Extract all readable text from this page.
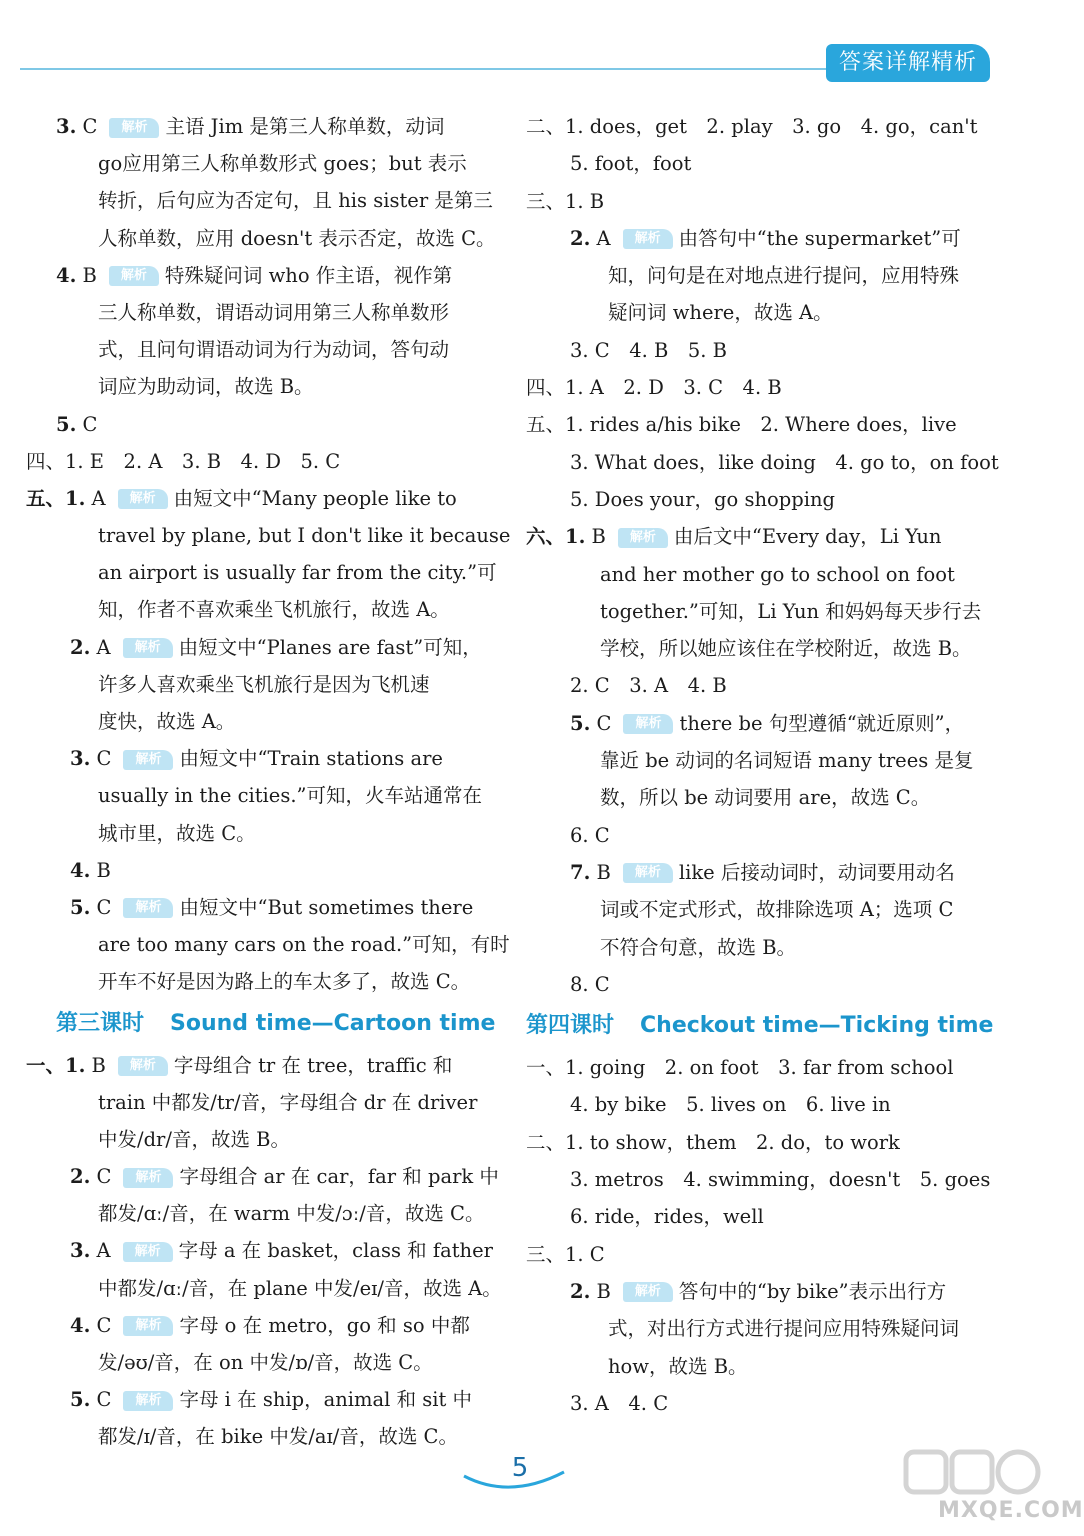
答案详解精析
3. C 解析 主语 Jim 是第三人称单数，动词
go应用第三人称单数形式 goes；but 表示
转折，后句应为否定句，且 his sister 是第三
人称单数，应用 doesn't 表示否定，故选 C。
4. B 解析 特殊疑问词 who 作主语，视作第
三人称单数，谓语动词用第三人称单数形
式，且问句谓语动词为行为动词，答句动
词应为助动词，故选 B。
5. C
四、1. E　2. A　3. B　4. D　5. C
五、1. A 解析 由短文中“Many people like to
travel by plane, but I don't like it because
an airport is usually far from the city.”可
知，作者不喜欢乘坐飞机旅行，故选 A。
2. A 解析 由短文中“Planes are fast”可知，
许多人喜欢乘坐飞机旅行是因为飞机速
度快，故选 A。
3. C 解析 由短文中“Train stations are
usually in the cities.”可知，火车站通常在
城市里，故选 C。
4. B
5. C 解析 由短文中“But sometimes there
are too many cars on the road.”可知，有时
开车不好是因为路上的车太多了，故选 C。
第三课时 Sound time—Cartoon time
一、1. B 解析 字母组合 tr 在 tree，traffic 和
train 中都发/tr/音，字母组合 dr 在 driver
中发/dr/音，故选 B。
2. C 解析 字母组合 ar 在 car，far 和 park 中
都发/ɑː/音，在 warm 中发/ɔː/音，故选 C。
3. A 解析 字母 a 在 basket，class 和 father
中都发/ɑː/音，在 plane 中发/eɪ/音，故选 A。
4. C 解析 字母 o 在 metro，go 和 so 中都
发/əʊ/音，在 on 中发/ɒ/音，故选 C。
5. C 解析 字母 i 在 ship，animal 和 sit 中
都发/ɪ/音，在 bike 中发/aɪ/音，故选 C。
二、1. does，get　2. play　3. go　4. go，can't
5. foot，foot
三、1. B
2. A 解析 由答句中“the supermarket”可
知，问句是在对地点进行提问，应用特殊
疑问词 where，故选 A。
3. C　4. B　5. B
四、1. A　2. D　3. C　4. B
五、1. rides a/his bike　2. Where does，live
3. What does，like doing　4. go to，on foot
5. Does your，go shopping
六、1. B 解析 由后文中“Every day，Li Yun
and her mother go to school on foot
together.”可知，Li Yun 和妈妈每天步行去
学校，所以她应该住在学校附近，故选 B。
2. C　3. A　4. B
5. C 解析 there be 句型遵循“就近原则”，
靠近 be 动词的名词短语 many trees 是复
数，所以 be 动词要用 are，故选 C。
6. C
7. B 解析 like 后接动词时，动词要用动名
词或不定式形式，故排除选项 A；选项 C
不符合句意，故选 B。
8. C
第四课时 Checkout time—Ticking time
一、1. going　2. on foot　3. far from school
4. by bike　5. lives on　6. live in
二、1. to show，them　2. do，to work
3. metros　4. swimming，doesn't　5. goes
6. ride，rides，well
三、1. C
2. B 解析 答句中的“by bike”表示出行方
式，对出行方式进行提问应用特殊疑问词
how，故选 B。
3. A　4. C
5
MXQE.COM
